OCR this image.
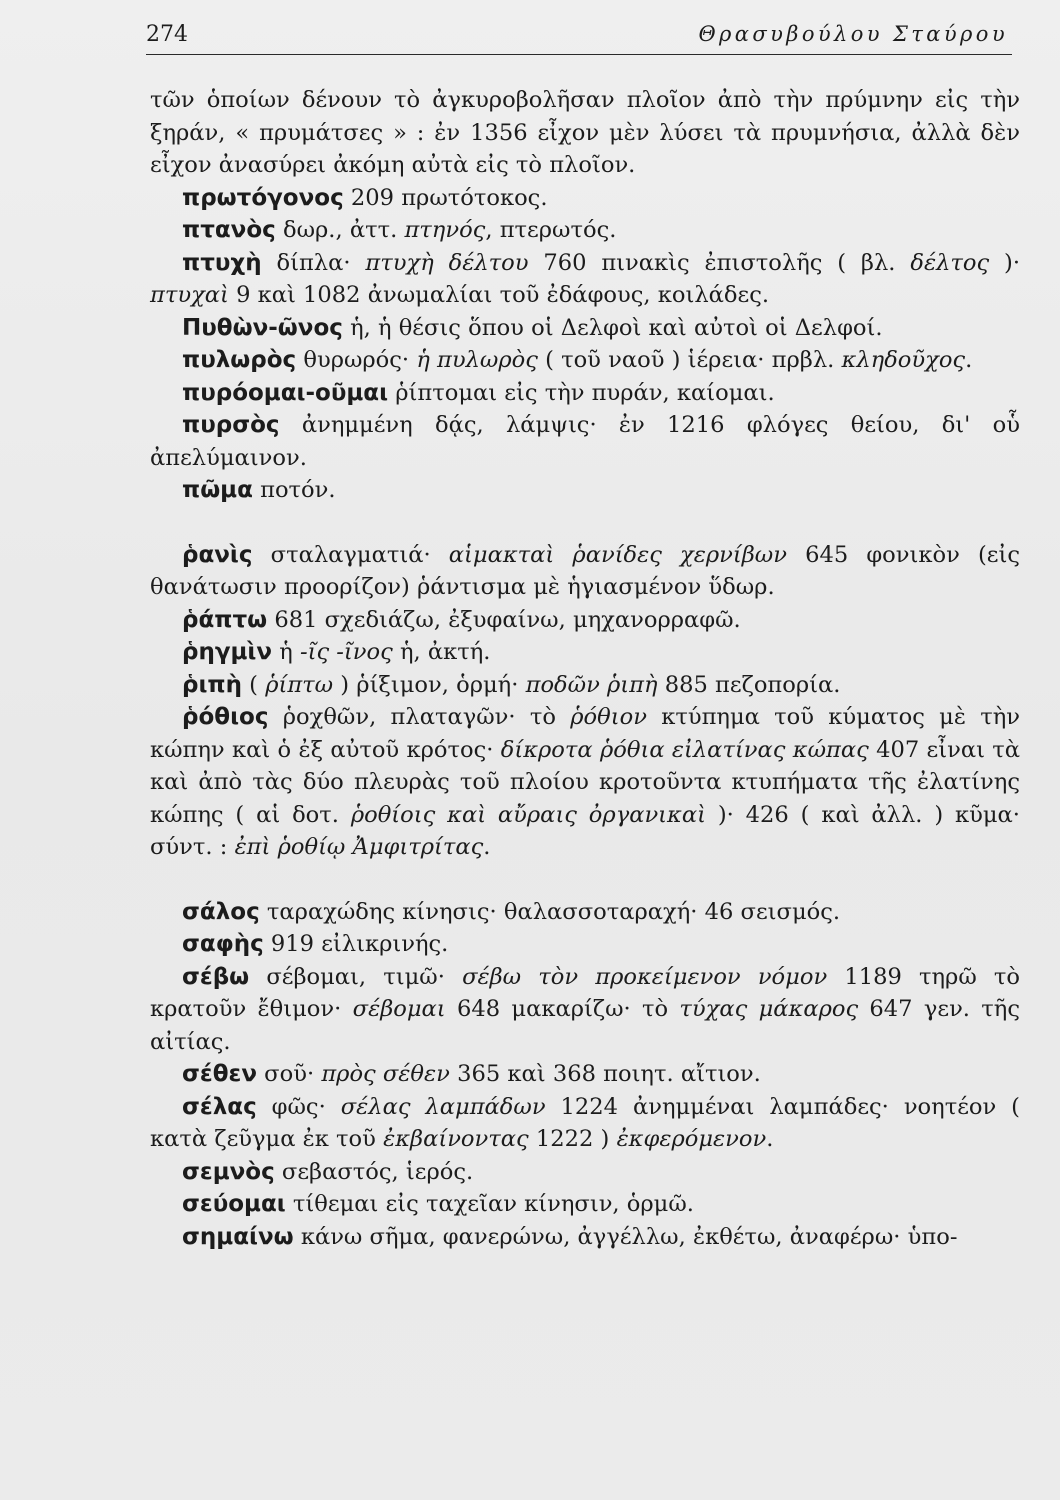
274	Θρασυβούλου Σταύρου

τῶν ὁποίων δένουν τὸ ἀγκυροβολῆσαν πλοῖον ἀπὸ τὴν πρύμνην εἰς τὴν ξηράν, « πρυμάτσες » : ἐν 1356 εἶχον μὲν λύσει τὰ πρυμνήσια, ἀλλὰ δὲν εἶχον ἀνασύρει ἀκόμη αὐτὰ εἰς τὸ πλοῖον.

πρωτόγονος 209 πρωτότοκος.

πτανὸς δωρ., ἀττ. πτηνός, πτερωτός.

πτυχὴ δίπλα· πτυχὴ δέλτου 760 πινακὶς ἐπιστολῆς ( βλ. δέλτος )· πτυχαὶ 9 καὶ 1082 ἀνωμαλίαι τοῦ ἐδάφους, κοιλάδες.

Πυθὼν-ῶνος ἡ, ἡ θέσις ὅπου οἱ Δελφοὶ καὶ αὐτοὶ οἱ Δελφοί.

πυλωρὸς θυρωρός· ἡ πυλωρὸς ( τοῦ ναοῦ ) ἱέρεια· πρβλ. κληδοῦχος.

πυρόομαι-οῦμαι ῥίπτομαι εἰς τὴν πυράν, καίομαι.

πυρσὸς ἀνημμένη δᾴς, λάμψις· ἐν 1216 φλόγες θείου, δι' οὗ ἀπελύμαινον.

πῶμα ποτόν.

ῥανὶς σταλαγματιά· αἱμακταὶ ῥανίδες χερνίβων 645 φονικὸν (εἰς θανάτωσιν προορίζον) ῥάντισμα μὲ ἡγιασμένον ὕδωρ.

ῥάπτω 681 σχεδιάζω, ἐξυφαίνω, μηχανορραφῶ.

ῥηγμὶν ἡ -ῖς -ῖνος ἡ, ἀκτή.

ῥιπὴ ( ῥίπτω ) ῥίξιμον, ὁρμή· ποδῶν ῥιπὴ 885 πεζοπορία.

ῥόθιος ῥοχθῶν, πλαταγῶν· τὸ ῥόθιον κτύπημα τοῦ κύματος μὲ τὴν κώπην καὶ ὁ ἐξ αὐτοῦ κρότος· δίκροτα ῥόθια εἰλατίνας κώπας 407 εἶναι τὰ καὶ ἀπὸ τὰς δύο πλευρὰς τοῦ πλοίου κροτοῦντα κτυπήματα τῆς ἐλατίνης κώπης ( αἱ δοτ. ῥοθίοις καὶ αὔραις ὀργανικαὶ )· 426 ( καὶ ἀλλ. ) κῦμα· σύντ. : ἐπὶ ῥοθίῳ Ἀμφιτρίτας.

σάλος ταραχώδης κίνησις· θαλασσοταραχή· 46 σεισμός.

σαφὴς 919 εἰλικρινής.

σέβω σέβομαι, τιμῶ· σέβω τὸν προκείμενον νόμον 1189 τηρῶ τὸ κρατοῦν ἔθιμον· σέβομαι 648 μακαρίζω· τὸ τύχας μάκαρος 647 γεν. τῆς αἰτίας.

σέθεν σοῦ· πρὸς σέθεν 365 καὶ 368 ποιητ. αἴτιον.

σέλας φῶς· σέλας λαμπάδων 1224 ἀνημμέναι λαμπάδες· νοητέον ( κατὰ ζεῦγμα ἐκ τοῦ ἐκβαίνοντας 1222 ) ἐκφερόμενον.

σεμνὸς σεβαστός, ἱερός.

σεύομαι τίθεμαι εἰς ταχεῖαν κίνησιν, ὁρμῶ.

σημαίνω κάνω σῆμα, φανερώνω, ἀγγέλλω, ἐκθέτω, ἀναφέρω· ὑπο-
